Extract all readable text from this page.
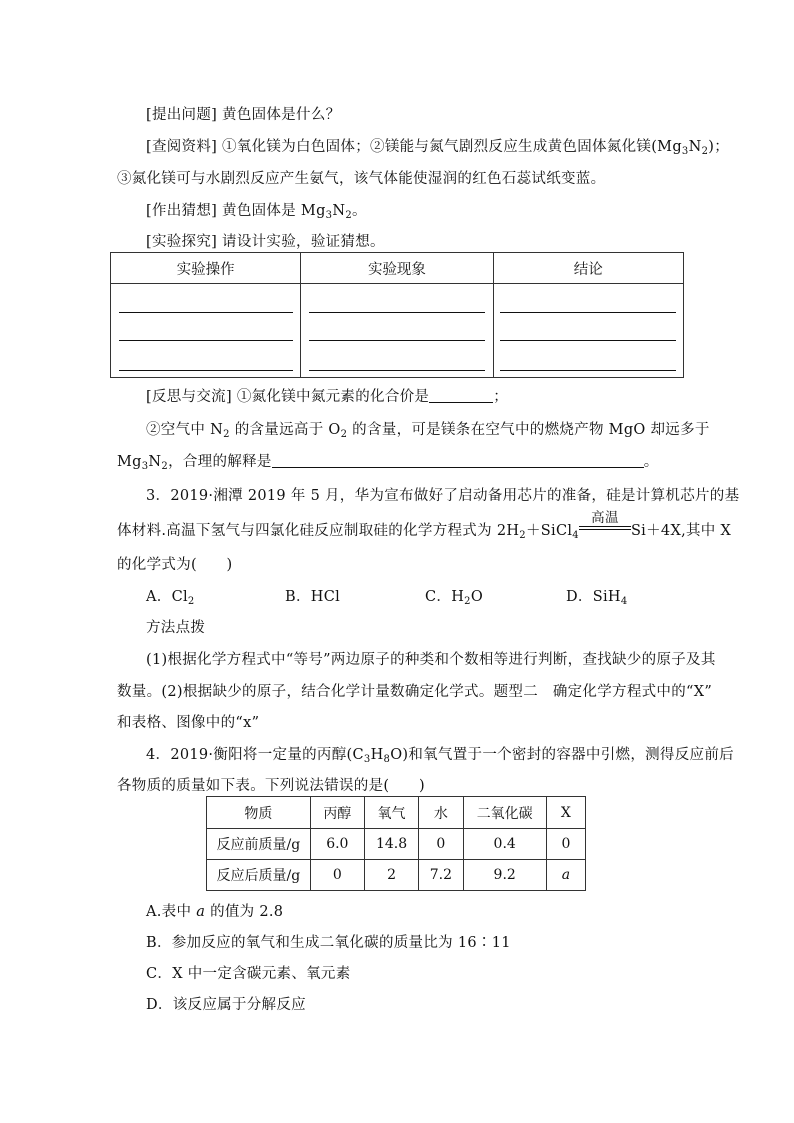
[提出问题] 黄色固体是什么？
[查阅资料] ①氧化镁为白色固体；②镁能与氮气剧烈反应生成黄色固体氮化镁$(Mg_3N_2)$；
③氮化镁可与水剧烈反应产生氨气，该气体能使湿润的红色石蕊试纸变蓝。
[作出猜想] 黄色固体是 $Mg_3N_2$。
[实验探究] 请设计实验，验证猜想。
实验操作	实验现象	结论

[反思与交流] ①氮化镁中氮元素的化合价是	；
②空气中 $N_2$ 的含量远高于 $O_2$ 的含量，可是镁条在空气中的燃烧产物 MgO 却远多于
$Mg_3N_2$，合理的解释是	。
3．2019·湘潭 2019 年 5 月，华为宣布做好了启动备用芯片的准备，硅是计算机芯片的基
体材料.高温下氢气与四氯化硅反应制取硅的化学方程式为 $2H_2+SiCl_4$
高温
Si＋4X,其中 X
的化学式为(　　)
A．$Cl_2$	B．HCl	C．$H_2O$	D．SiH$_4$
方法点拨
(1)根据化学方程式中“等号”两边原子的种类和个数相等进行判断，查找缺少的原子及其
数量。(2)根据缺少的原子，结合化学计量数确定化学式。题型二　确定化学方程式中的“X”
和表格、图像中的“x”
4．2019·衡阳将一定量的丙醇$(C_3H_8O)$和氧气置于一个密封的容器中引燃，测得反应前后
各物质的质量如下表。下列说法错误的是(　　)
物质	丙醇	氧气	水	二氧化碳	X
反应前质量/g	6.0	14.8	0	0.4	0
反应后质量/g	0	2	7.2	9.2	a
A.表中 a 的值为 2.8
B．参加反应的氧气和生成二氧化碳的质量比为 16∶11
C．X 中一定含碳元素、氧元素
D．该反应属于分解反应
